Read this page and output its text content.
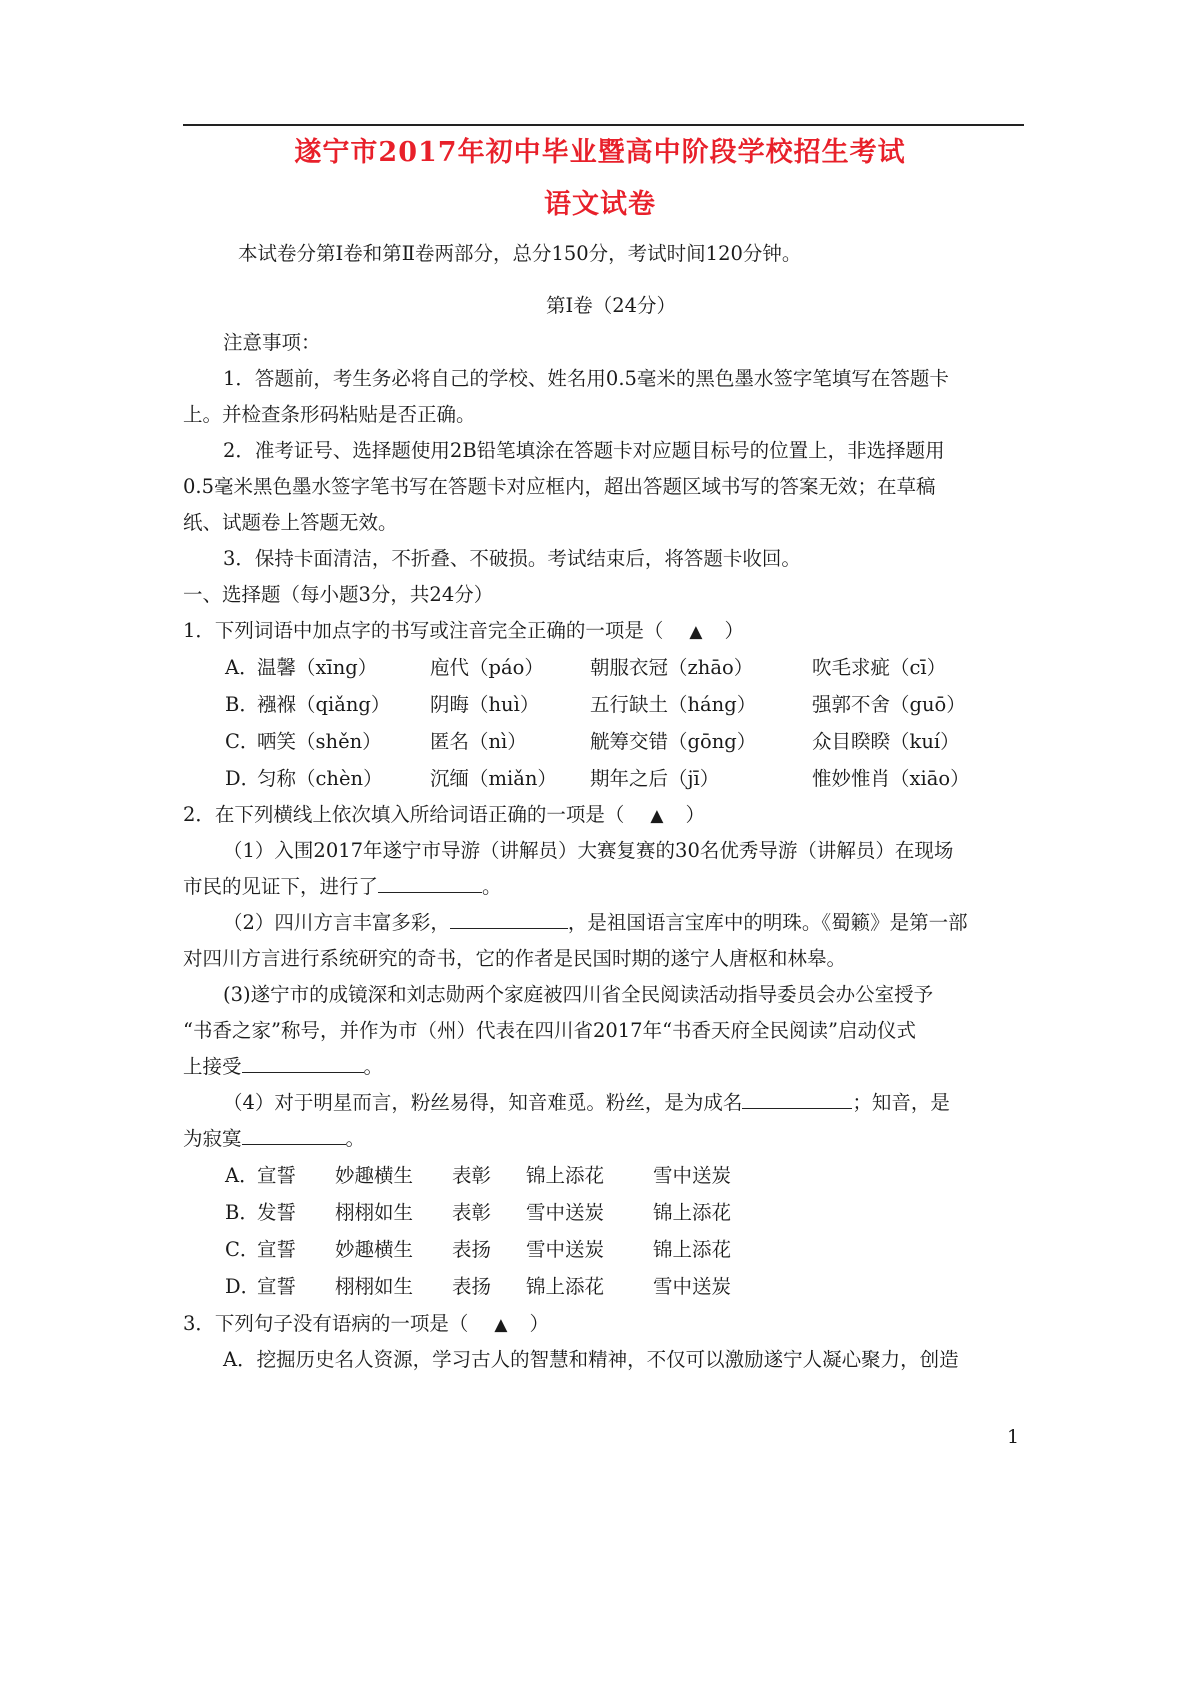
遂宁市2017年初中毕业暨高中阶段学校招生考试
语文试卷
本试卷分第Ⅰ卷和第Ⅱ卷两部分，总分150分，考试时间120分钟。
第Ⅰ卷（24分）
注意事项：
1．答题前，考生务必将自己的学校、姓名用0.5毫米的黑色墨水签字笔填写在答题卡
上。并检查条形码粘贴是否正确。
2．准考证号、选择题使用2B铅笔填涂在答题卡对应题目标号的位置上，非选择题用
0.5毫米黑色墨水签字笔书写在答题卡对应框内，超出答题区域书写的答案无效；在草稿
纸、试题卷上答题无效。
3．保持卡面清洁，不折叠、不破损。考试结束后，将答题卡收回。
一、选择题（每小题3分，共24分）
1．下列词语中加点字的书写或注音完全正确的一项是（ ▲ ）
A．
温馨（xīng）	庖代（páo） 朝服衣冠（zhāo）	吹毛求疵（cī）
B．
襁褓（qiǎng） 阴晦（huì）	五行缺土（háng）	强郭不舍（guō）
C．
哂笑（shěn） 匿名（nì）	觥筹交错（gōng）	众目睽睽（kuí）
D．
匀称（chèn） 沉缅（miǎn） 期年之后（jī）	惟妙惟肖（xiāo）
2．在下列横线上依次填入所给词语正确的一项是（ ▲ ）
（1）入围2017年遂宁市导游（讲解员）大赛复赛的30名优秀导游（讲解员）在现场
市民的见证下，进行了	。
（2）四川方言丰富多彩，	，是祖国语言宝库中的明珠。《蜀籁》是第一部
对四川方言进行系统研究的奇书，它的作者是民国时期的遂宁人唐枢和林皋。
(3)遂宁市的成镜深和刘志勋两个家庭被四川省全民阅读活动指导委员会办公室授予
“书香之家”称号，并作为市（州）代表在四川省2017年“书香天府全民阅读”启动仪式
上接受	。
（4）对于明星而言，粉丝易得，知音难觅。粉丝，是为成名	；知音，是
为寂寞	。
A．
宣誓 妙趣横生 表彰 锦上添花	雪中送炭
B．
发誓 栩栩如生 表彰 雪中送炭	锦上添花
C．
宣誓 妙趣横生 表扬 雪中送炭	锦上添花
D．
宣誓 栩栩如生 表扬 锦上添花	雪中送炭
3．下列句子没有语病的一项是（ ▲ ）
A．挖掘历史名人资源，学习古人的智慧和精神，不仅可以激励遂宁人凝心聚力，创造
1
